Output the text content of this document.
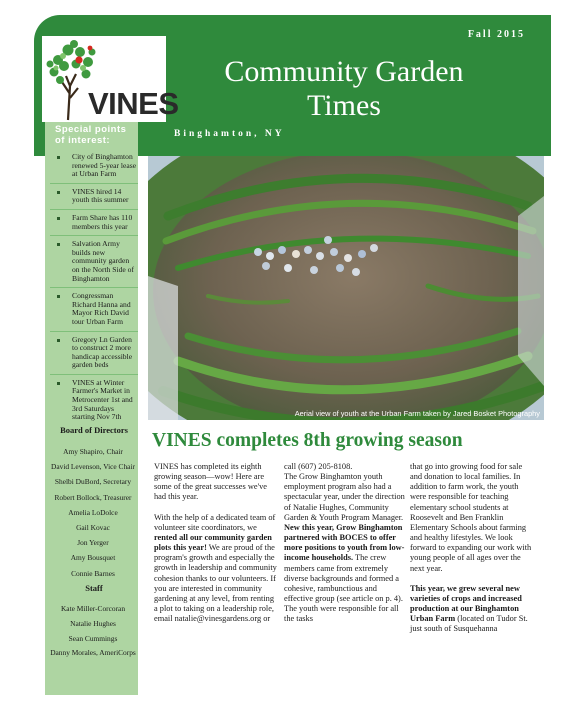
Fall 2015
Community Garden
Times
Binghamton, NY
VINES
Special points
of interest:
City of Binghamton renewed 5-year lease at Urban Farm
VINES hired 14 youth this summer
Farm Share has 110 members this year
Salvation Army builds new community garden on the North Side of Binghamton
Congressman Richard Hanna and Mayor Rich David tour Urban Farm
Gregory Ln Garden to construct 2 more handicap accessible garden beds
VINES at Winter Farmer's Market in Metrocenter 1st and 3rd Saturdays starting Nov 7th
Board of Directors
Amy Shapiro, Chair
David Levenson, Vice Chair
Shelbi DuBord, Secretary
Robert Bollock, Treasurer
Amelia LoDolce
Gail Kovac
Jon Yerger
Amy Bousquet
Connie Barnes
Staff
Kate Miller-Corcoran
Natalie Hughes
Sean Cummings
Danny Morales, AmeriCorps
Aerial view of youth at the Urban Farm taken by Jared Bosket Photography
VINES completes 8th growing season

VINES has completed its eighth growing season—wow! Here are some of the great successes we've had this year.

With the help of a dedicated team of volunteer site coordinators, we rented all our community garden plots this year! We are proud of the program's growth and especially the growth in leadership and community cohesion thanks to our volunteers. If you are interested in community gardening at any level, from renting a plot to taking on a leadership role, email natalie@vinesgardens.org or

call (607) 205-8108.

The Grow Binghamton youth employment program also had a spectacular year, under the direction of Natalie Hughes, Community Garden & Youth Program Manager. New this year, Grow Binghamton partnered with BOCES to offer more positions to youth from low-income households. The crew members came from extremely diverse backgrounds and formed a cohesive, rambunctious and effective group (see article on p. 4). The youth were responsible for all the tasks

that go into growing food for sale and donation to local families. In addition to farm work, the youth were responsible for teaching elementary school students at Roosevelt and Ben Franklin Elementary Schools about farming and healthy lifestyles. We look forward to expanding our work with young people of all ages over the next year.

This year, we grew several new varieties of crops and increased production at our Binghamton Urban Farm (located on Tudor St. just south of Susquehanna
